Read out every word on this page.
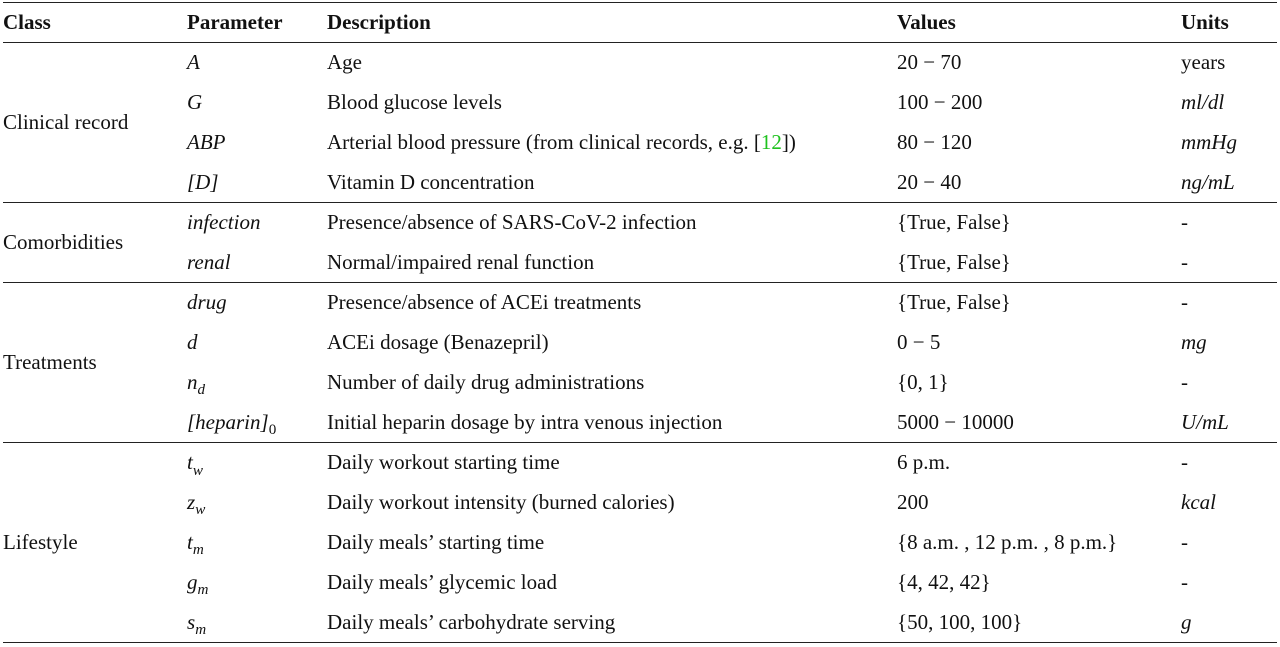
Class	Parameter	Description	Values	Units
Clinical record	A	Age	20 − 70	years
	G	Blood glucose levels	100 − 200	ml/dl
	ABP	Arterial blood pressure (from clinical records, e.g. [12])	80 − 120	mmHg
	[D]	Vitamin D concentration	20 − 40	ng/mL
Comorbidities	infection	Presence/absence of SARS-CoV-2 infection	{True, False}	-
	renal	Normal/impaired renal function	{True, False}	-
Treatments	drug	Presence/absence of ACEi treatments	{True, False}	-
	d	ACEi dosage (Benazepril)	0 − 5	mg
	$n_d$	Number of daily drug administrations	{0, 1}	-
	$[heparin]_0$	Initial heparin dosage by intra venous injection	5000 − 10000	U/mL
Lifestyle	$t_w$	Daily workout starting time	6 p.m.	-
	$z_w$	Daily workout intensity (burned calories)	200	kcal
	$t_m$	Daily meals’ starting time	{8 a.m. , 12 p.m. , 8 p.m.}	-
	$g_m$	Daily meals’ glycemic load	{4, 42, 42}	-
	$s_m$	Daily meals’ carbohydrate serving	{50, 100, 100}	g
